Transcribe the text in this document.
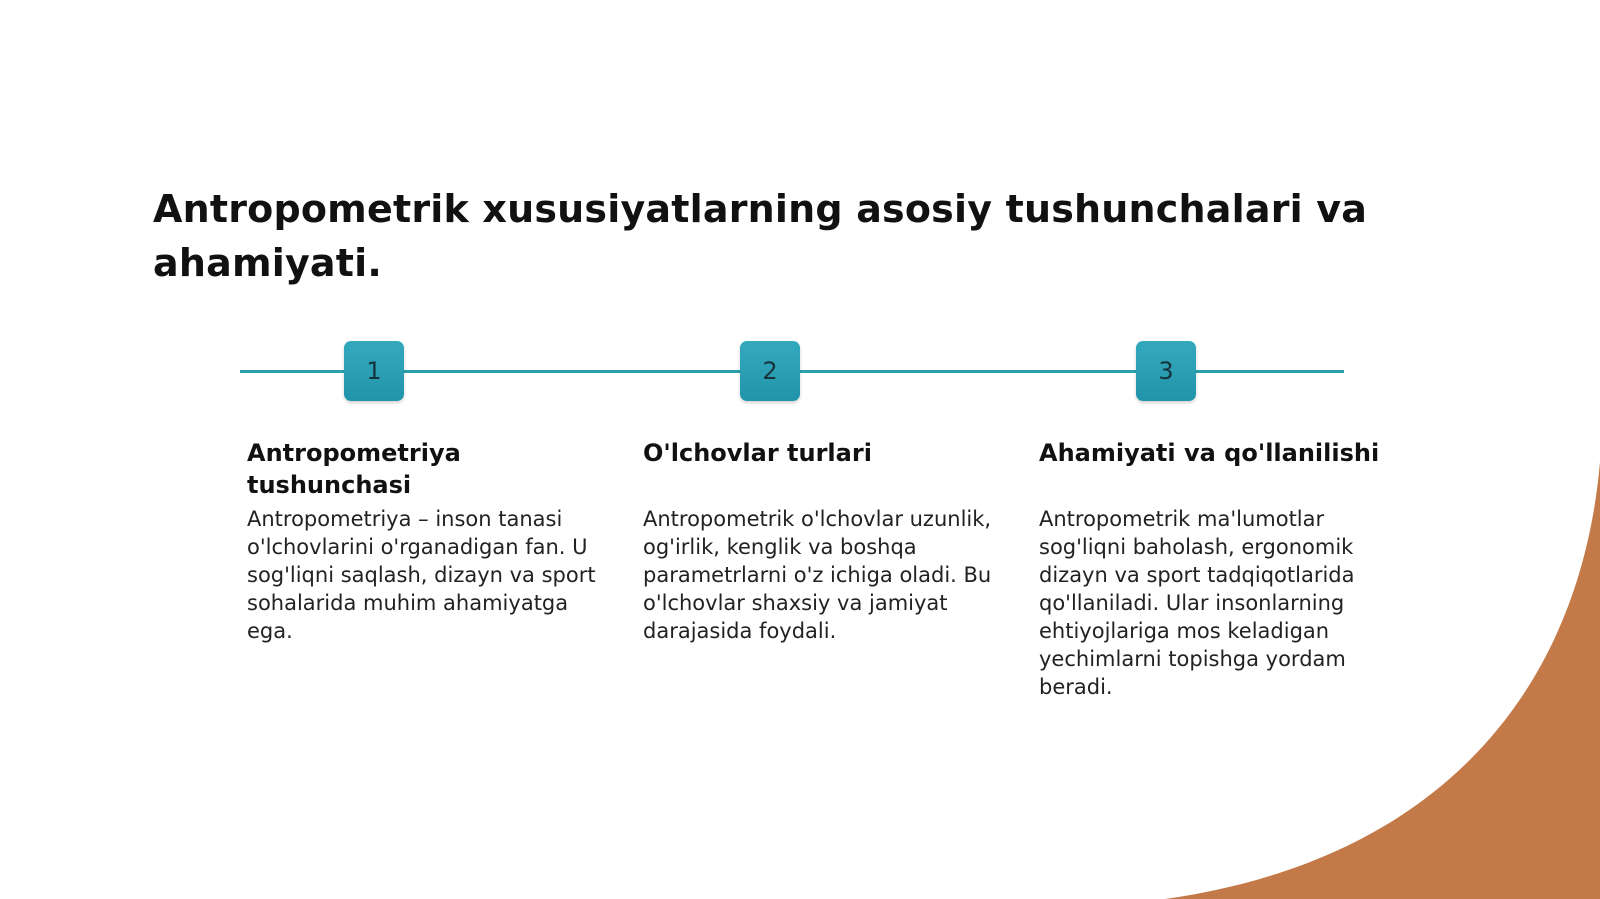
Antropometrik xususiyatlarning asosiy tushunchalari va ahamiyati.
1	2	3
Antropometriya tushunchasi

Antropometriya – inson tanasi o'lchovlarini o'rganadigan fan. U sog'liqni saqlash, dizayn va sport sohalarida muhim ahamiyatga ega.

O'lchovlar turlari

Antropometrik o'lchovlar uzunlik, og'irlik, kenglik va boshqa parametrlarni o'z ichiga oladi. Bu o'lchovlar shaxsiy va jamiyat darajasida foydali.

Ahamiyati va qo'llanilishi

Antropometrik ma'lumotlar sog'liqni baholash, ergonomik dizayn va sport tadqiqotlarida qo'llaniladi. Ular insonlarning ehtiyojlariga mos keladigan yechimlarni topishga yordam beradi.
